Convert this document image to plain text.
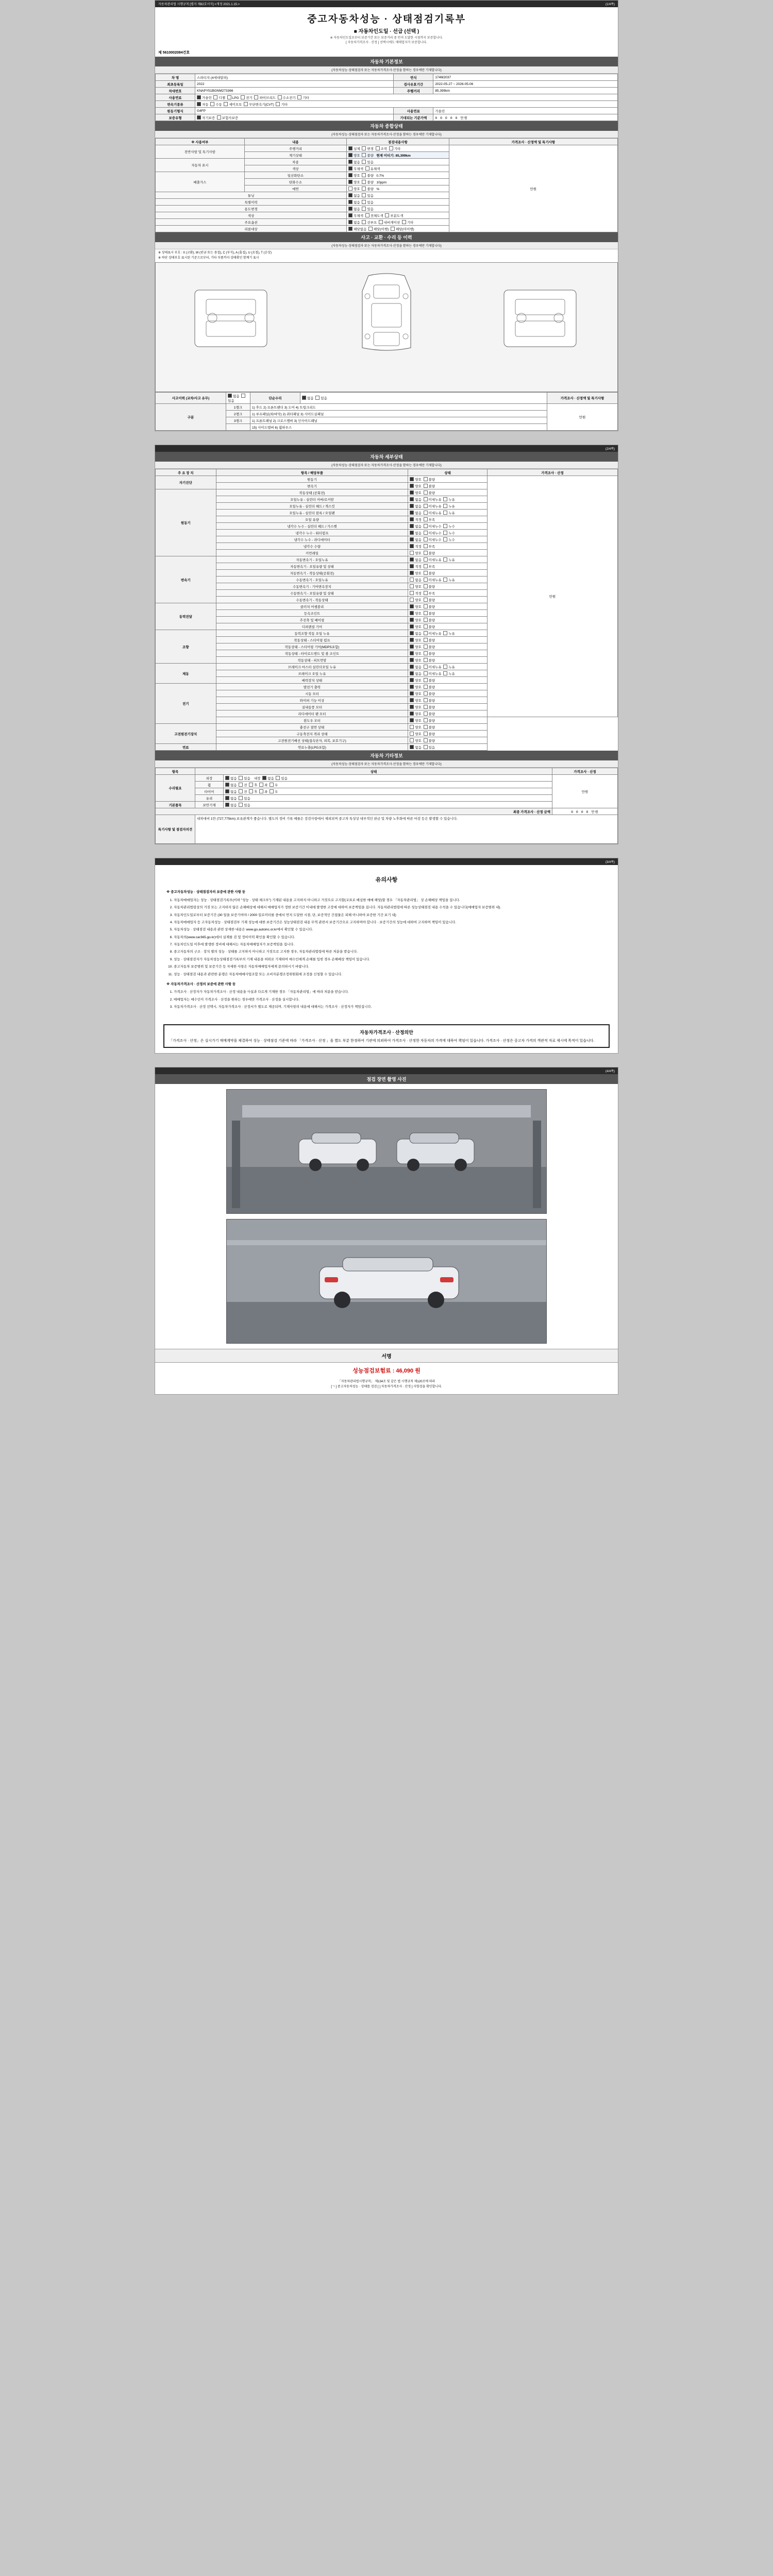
자동차관리법 시행규칙 [별지 제82호서식] <개정 2021.1.15.>	(1/4쪽)
중고자동차성능 · 상태점검기록부
■ 자동차인도일 · 선급 (선택 )
※ 자동차인도일로부터 보증기간 또는 보증거리 중 먼저 도달한 시점까지 보증합니다.
[ 자동차가격조사 · 산정 ] 선택시에도 매매업자가 보증합니다.
제 5610002084건호
자동차 기본정보
(자동차성능·상태점검자 또는 자동차가격조사·산정을 함하는 경우에만 기재합니다)
차 명	스파티지 (4세대알파)	연식	174M2037
최초등록일	2022	검사유효기간	2022-05-27 ~ 2026-05-06
차대번호	KNAPY51BGNM273366	주행거리	85,399km
사용연료	가솔린 디젤 LPG 전기 하이브리드 수소전기 기타		
변속기종류	자동 수동 세미오토 무단변속기(CVT) 기타		
원동기형식	G4FP	사용연료	가솔린
보증유형	자기보증 보험사보증	기대되는 기준가액	0 0 0 0 0 만원
자동차 종합상태
(자동차성능·상태점검자 또는 자동차가격조사·산정을 함하는 경우에만 기재합니다)
※ 사용여부	내용	점검내용사항	가격조사 · 산정액 및 특기사항
전반사항 및 특기사항	주행거리	실제 변경 조작 기타	만원
	계기상태	양호 불량 현재 미터기: 85,399km	
자동차 표시	차종	없음 있음	
	색상	무채색 유채색	
배출가스	일산화탄소	양호 불량 0.7%	
	탄화수소	양호 불량 10ppm	
	매연	양호 불량 %	
튜닝		없음 있음	
특별이력		없음 있음	
용도변경		없음 있음	
색상		무채색 전체도색 부분도색	
주요옵션		없음 선루프 내비게이션 기타	
리콜대상		해당없음 해당(이행) 해당(미이행)	
사고 · 교환 · 수리 등 이력
(자동차성능·상태점검자 또는 자동차가격조사·산정을 함하는 경우에만 기재합니다)
※ 상태표시 부호 : X (교환), W (판금 또는 용접), C (부식), A (흠집), U (요철), T (손상)
※ 하단 상태부호 표시된 기준으로부터, 기타 부품까지 상태확인 함께기 표시
사고이력 (교차/사고 유무)	없음  있음	단순수리	없음 있음	가격조사 · 산정액 및 특기사항
구분	1랭크	1) 후드 2) 프론트팬더 3) 도어 4) 트렁크리드		만원
	2랭크	1) 루프패널(외/바닥) 2) 쿼터패널 3) 사이드실패널		
	3랭크	1) 프론트패널 2) 크로스멤버 3) 인사이드패널		
		15) 사이드멤버 6) 휠하우스		
(2/4쪽)
자동차 세부상태
(자동차성능·상태점검자 또는 자동차가격조사·산정을 함하는 경우에만 기재합니다)
주 요 장 치	항목 / 해당부품	상태	가격조사 · 산정
자기진단	원동기	양호 불량	만원
	변속기	양호 불량	
원동기	작동상태 (공회전)	양호 불량	
	오일누유 - 실린더 커버/로커암	없음 미세누유 누유	
	오일누유 - 실린더 헤드 / 개스킷	없음 미세누유 누유	
	오일누유 - 실린더 블록 / 오일팬	없음 미세누유 누유	
	오일 유량	적정 부족	
	냉각수 누수 - 실린더 헤드 / 가스켓	없음 미세누수 누수	
	냉각수 누수 - 워터펌프	없음 미세누수 누수	
	냉각수 누수 - 라디에이터	없음 미세누수 누수	
	냉각수 수량	적정 부족	
	커먼레일	양호 불량	
변속기	자동변속기 - 오일누유	없음 미세누유 누유	
	자동변속기 - 오일유량 및 상태	적정 부족	
	자동변속기 - 작동상태(공회전)	양호 불량	
	수동변속기 - 오일누유	없음 미세누유 누유	
	수동변속기 - 기어변속장치	양호 불량	
	수동변속기 - 오일유량 및 상태	적정 부족	
	수동변속기 - 작동상태	양호 불량	
동력전달	클러치 어셈블리	양호 불량	
	등속조인트	양호 불량	
	추진축 및 베어링	양호 불량	
	디퍼렌셜 기어	양호 불량	
조향	동력조향 작동 오일 누유	없음 미세누유 누유	
	작동상태 - 스티어링 펌프	양호 불량	
	작동상태 - 스티어링 기어(MDPS포함)	양호 불량	
	작동상태 - 타이로드엔드 및 볼 조인트	양호 불량	
	작동상태 - 피트먼암	양호 불량	
제동	브레이크 마스터 실린더오일 누유	없음 미세누유 누유	
	브레이크 오일 누유	없음 미세누유 누유	
	배력장치 상태	양호 불량	
전기	발전기 출력	양호 불량	
	시동 모터	양호 불량	
	와이퍼 기능 이상	양호 불량	
	실내송풍 모터	양호 불량	
	라디에이터 팬 모터	양호 불량	
	윈도우 모터	양호 불량	
고전원전기장치	충전구 절연 상태	양호 불량	
	구동축전지 격리 상태	양호 불량	
	고전원전기배선 상태(접속단자, 피복, 보호기구)	양호 불량	
연료	연료누출(LPG포함)	없음 있음	
자동차 기타정보
(자동차성능·상태점검자 또는 자동차가격조사·산정을 함하는 경우에만 기재합니다)
항목	상태		가격조사 · 산정
수리필요	외장	없음 있음 내장 없음 있음	만원
	휠	없음 전 후 좌 우	
	타이어	없음 전 후 좌 우	
	유리	없음 있음	
기본품목	보안기재	없음 있음	
최종 가격조사 · 산정 금액			0 0 0 0 만원
특기사항 및 점검자의견	내차대비 1만 (727,775km) 보유관계가 좋습니다. 별도의 정비 기록 예를은 검검사항에서 제외되며 중고차 특성상 내부적인 판금 및 차량 노후화에 따른 마감 등은 발생할 수 있습니다.		
(3/4쪽)
유의사항
※ 중고자동차성능 · 상태점검자의 보증에 관한 사항 등
1. 자동차매매업자는 성능 · 상태점검기록부(이하 "성능 · 상태 체크부") 기재된 내용을 고지하지 아니하고 거짓으로 고지할(교표로 배심한 매매 해당)할 경우 「자동차관리법」 상 손해배상 책임을 집니다.
2. 자동차관리법령상의 거짓 또는 고지하지 않은 손해배상에 대해서 매매업자가 정한 보증기간 이내에 발생한 고장에 대하여 보증책임을 집니다. 자동차관리법령에 따른 성능상태점검 내용 수칙을 수 있습니다(매매업자 보증범위 내).
3. 자동차인도일로부터 보증기간 (30 일을 보증기여야 / 2000 킬로미터를 중에서 먼저 도달한 시점, 단, 보증적인 간접물은 피해 아니하여 보증한 기간 보기 내)
4. 자동차매매업자 등 고자동차성능 · 상태점검부 기재 성능에 대한 보증기간은 성능상태점검 내용 무역 관련서 보증기간으로 고지하며야 합니다 · 보증기간의 성능에 대하여 고지하며 책임이 있습니다.
5. 자동차성능 · 상태점검 내용과 관련 상세한 내용은 www.go.autoinc.or.kr에서 확인할 수 있습니다.
6. 자동차의(www.car365.go.kr)에서 실제를 검 및 정비이력 확인을 확인할 수 있습니다.
7. 자동차인도일 이후에 발생한 정비에 대해서는 자동차매매업자가 보증책임을 집니다.
8. 중고자동차의 구조 · 장치 별의 성능 · 상태를 고지하지 아니하고 거짓으로 고지한 경우, 자동차관리법령에 따른 처분을 받습니다.
9. 성능 · 상태점검자가 자동차성능상태점검기록부의 기재 내용을 허위로 기재하여 매수인에게 손해를 입힌 경우 손해배상 책임이 있습니다.
10. 중고자동차 보증범위 및 보증기간 등 자세한 사항은 자동차매매업자에게 문의하시기 바랍니다.
11. 성능 · 상태점검 내용과 관련한 분쟁은 자동차매매사업조합 또는 소비자분쟁조정위원회에 조정을 신청할 수 있습니다.
※ 자동차가격조사 · 산정의 보증에 관한 사항 등
1. 가격조사 · 산정자가 자동차가격조사 · 산정 내용을 사실과 다르게 기재한 경우 「자동차관리법」에 따라 처분을 받습니다.
2. 매매업자는 매수인이 가격조사 · 산정을 원하는 경우에만 가격조사 · 산정을 실시합니다.
3. 자동차가격조사 · 산정 선택시, 자동차가격조사 · 산정서가 별도로 제공되며, 기재사항의 내용에 대해서는 가격조사 · 산정자가 책임집니다.
자동차가격조사 · 산정의안
「가격조사 · 산정」은 실시가기 매매계약을 체결하여 성능 · 상태점검 기준에 따라 「가격조사 · 산정 」을 별도 부분 한정하여 기관에 의뢰하여 가격조사 · 산정한 자동차의 가격에 대하여 책임이 있습니다. 가격조사 · 산정은 중고차 가격의 객관적 자료 제시에 목적이 있습니다.
(4/4쪽)
점검 장면 촬영 사진
서명
성능점검보험료 : 46,090 원
「자동차관리법시행규칙」 제134조 및 같은 법 시행규칙 제120조에 따라
[ㄱ ] 중고자동차성능 · 상태를 검검 [ ] 자동차가격조사 · 산정 ] 사항검을 확인합니다.
